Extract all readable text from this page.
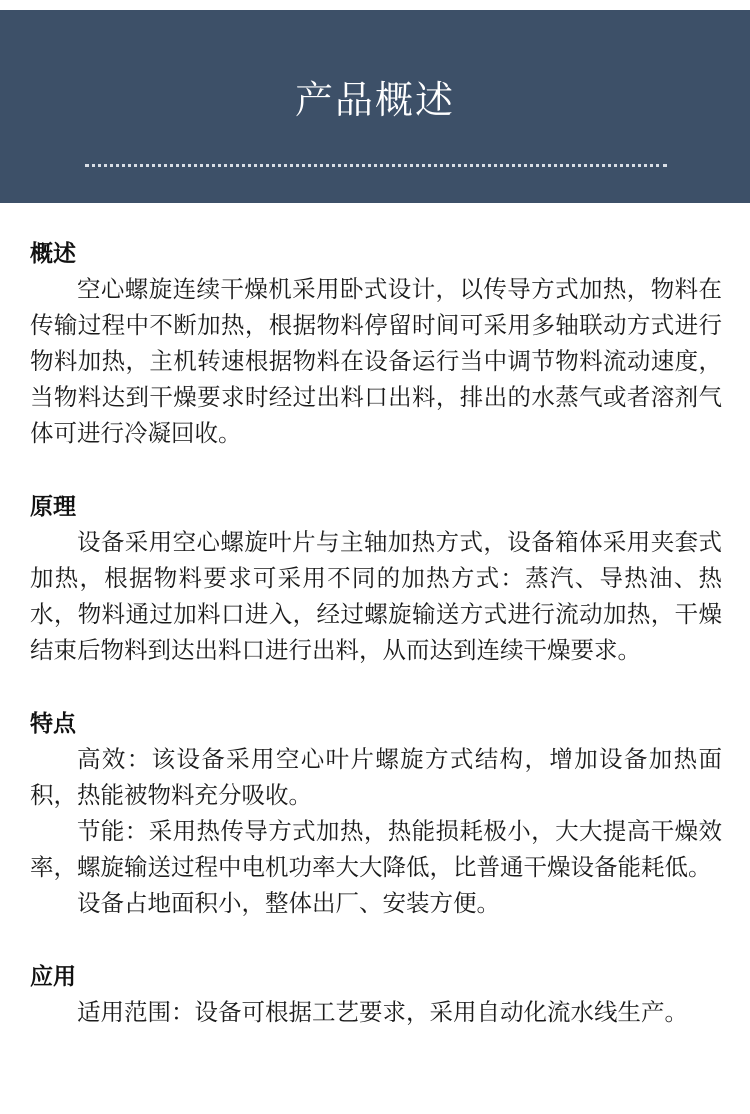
产品概述
概述

空心螺旋连续干燥机采用卧式设计，以传导方式加热，物料在传输过程中不断加热，根据物料停留时间可采用多轴联动方式进行物料加热，主机转速根据物料在设备运行当中调节物料流动速度，当物料达到干燥要求时经过出料口出料，排出的水蒸气或者溶剂气体可进行冷凝回收。

原理

设备采用空心螺旋叶片与主轴加热方式，设备箱体采用夹套式加热，根据物料要求可采用不同的加热方式：蒸汽、导热油、热水，物料通过加料口进入，经过螺旋输送方式进行流动加热，干燥结束后物料到达出料口进行出料，从而达到连续干燥要求。

特点

高效：该设备采用空心叶片螺旋方式结构，增加设备加热面积，热能被物料充分吸收。

节能：采用热传导方式加热，热能损耗极小，大大提高干燥效率，螺旋输送过程中电机功率大大降低，比普通干燥设备能耗低。

设备占地面积小，整体出厂、安装方便。

应用

适用范围：设备可根据工艺要求，采用自动化流水线生产。
